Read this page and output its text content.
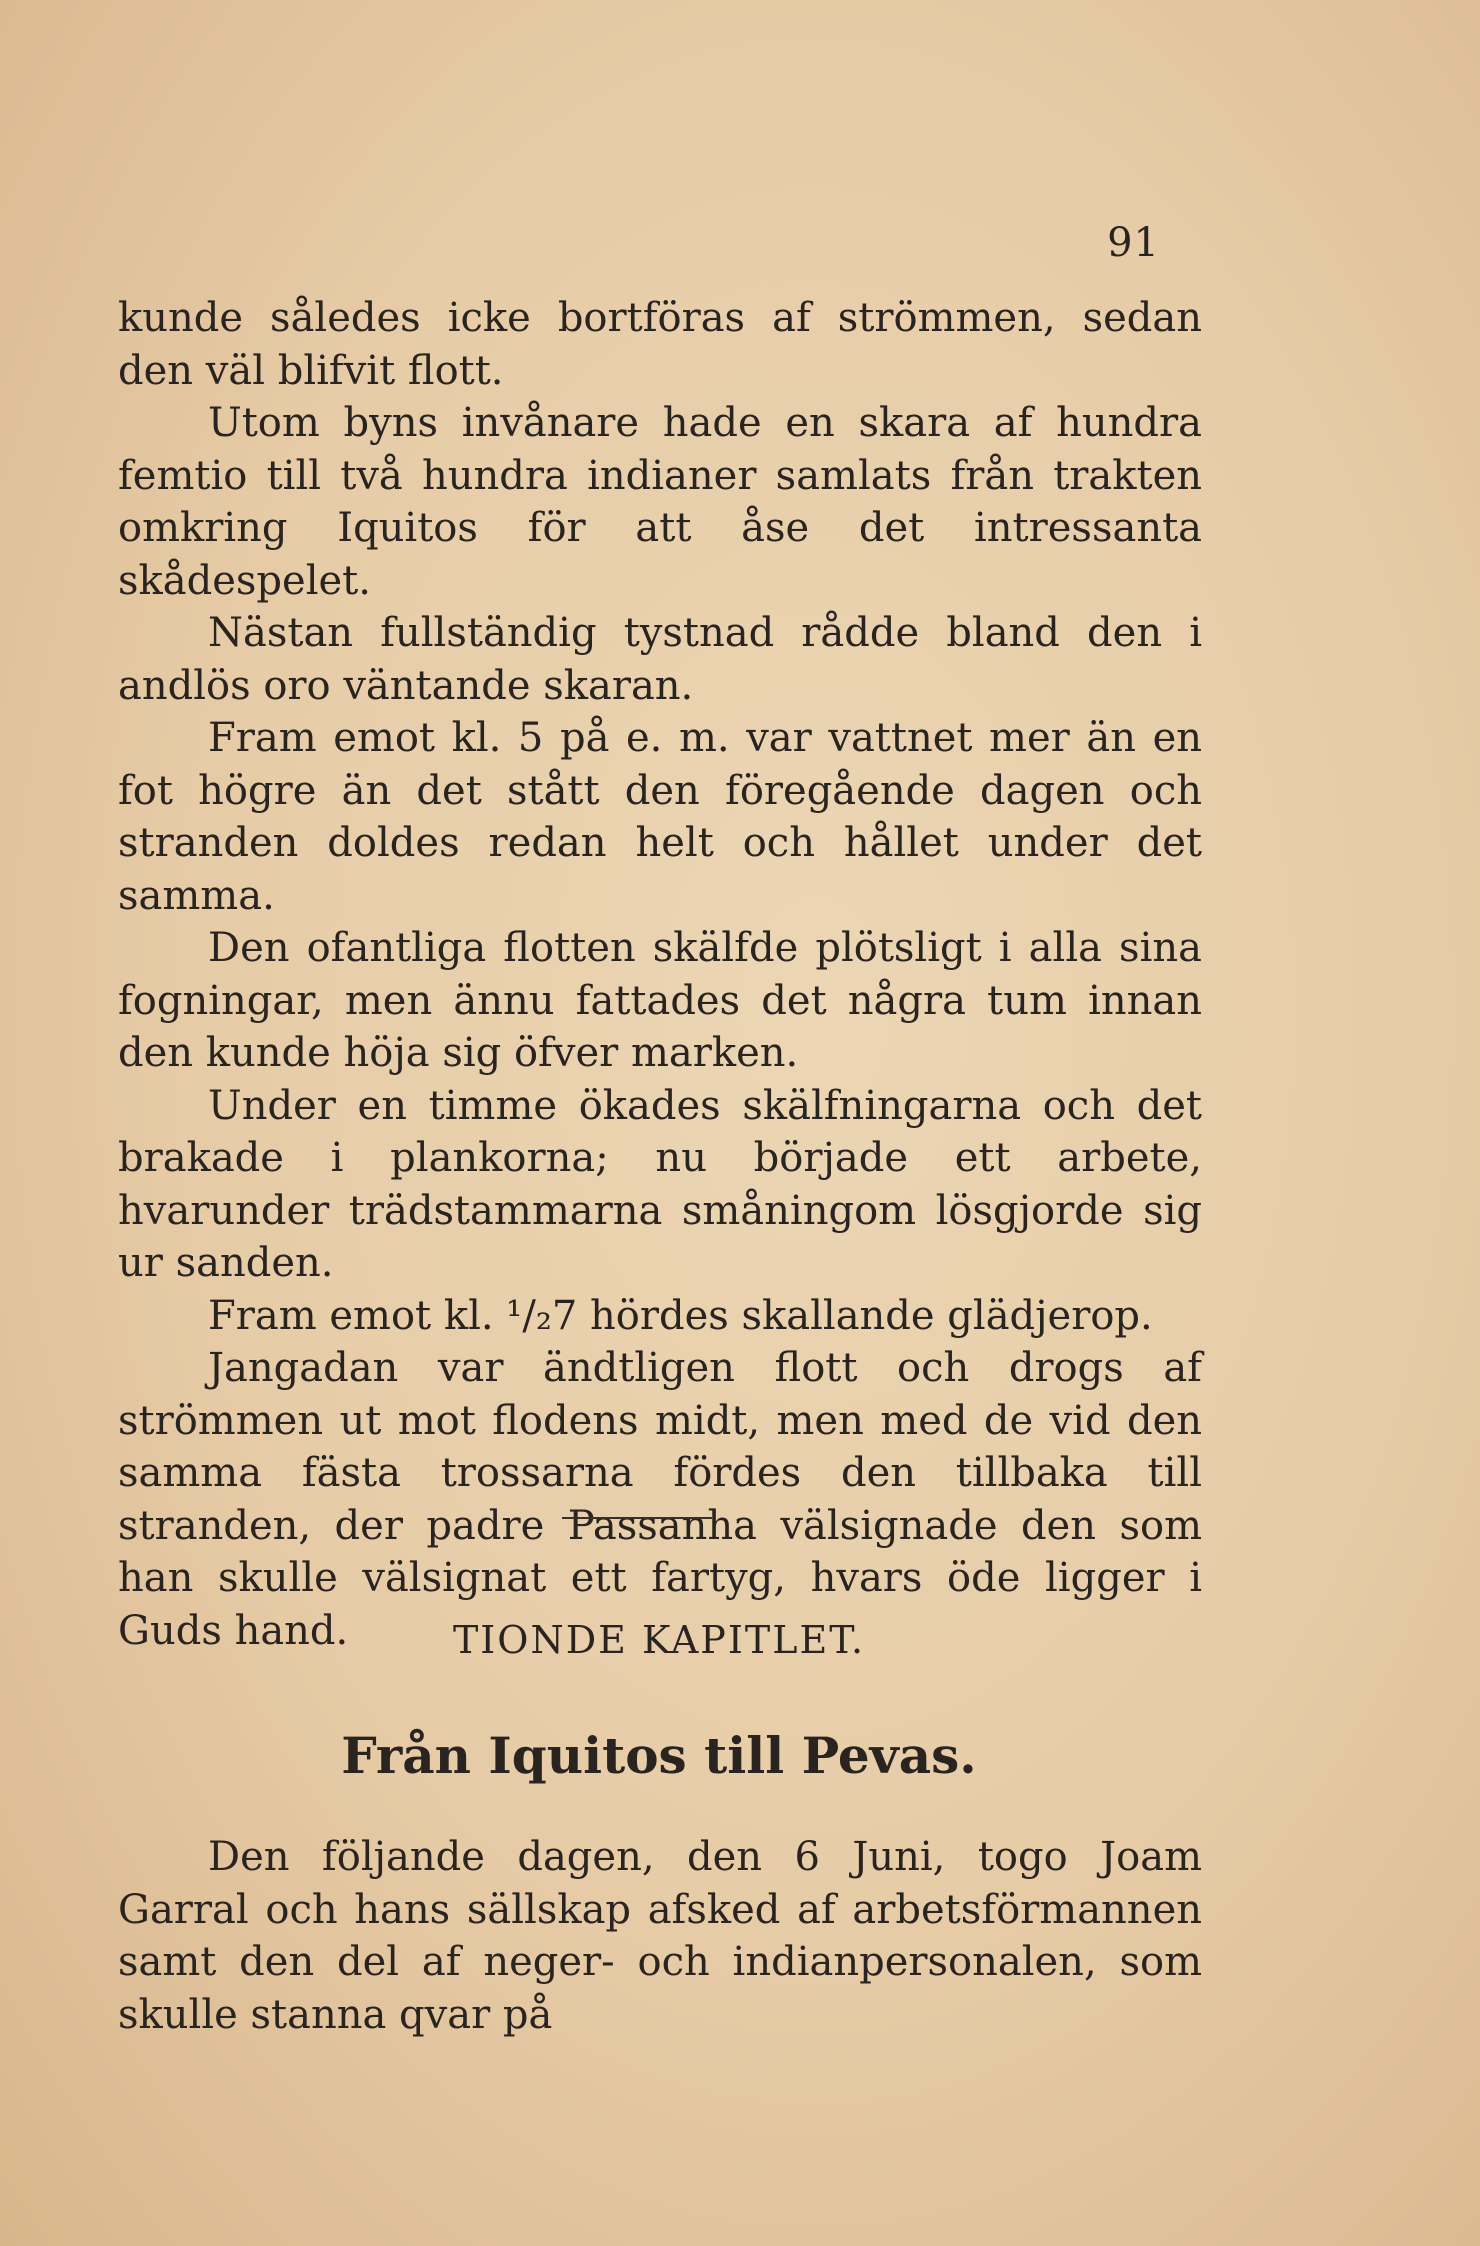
91

kunde således icke bortföras af strömmen, sedan den väl blifvit flott.

Utom byns invånare hade en skara af hundra femtio till två hundra indianer samlats från trakten omkring Iquitos för att åse det intressanta skådespelet.

Nästan fullständig tystnad rådde bland den i andlös oro väntande skaran.

Fram emot kl. 5 på e. m. var vattnet mer än en fot högre än det stått den föregående dagen och stranden doldes redan helt och hållet under det samma.

Den ofantliga flotten skälfde plötsligt i alla sina fogningar, men ännu fattades det några tum innan den kunde höja sig öfver marken.

Under en timme ökades skälfningarna och det brakade i plankorna; nu började ett arbete, hvarunder trädstammarna småningom lösgjorde sig ur sanden.

Fram emot kl. ¹/₂7 hördes skallande glädjerop.

Jangadan var ändtligen flott och drogs af strömmen ut mot flodens midt, men med de vid den samma fästa trossarna fördes den tillbaka till stranden, der padre Passanha välsignade den som han skulle välsignat ett fartyg, hvars öde ligger i Guds hand.	TIONDE KAPITLET.
Från Iquitos till Pevas.

Den följande dagen, den 6 Juni, togo Joam Garral och hans sällskap afsked af arbetsförmannen samt den del af neger- och indianpersonalen, som skulle stanna qvar på
